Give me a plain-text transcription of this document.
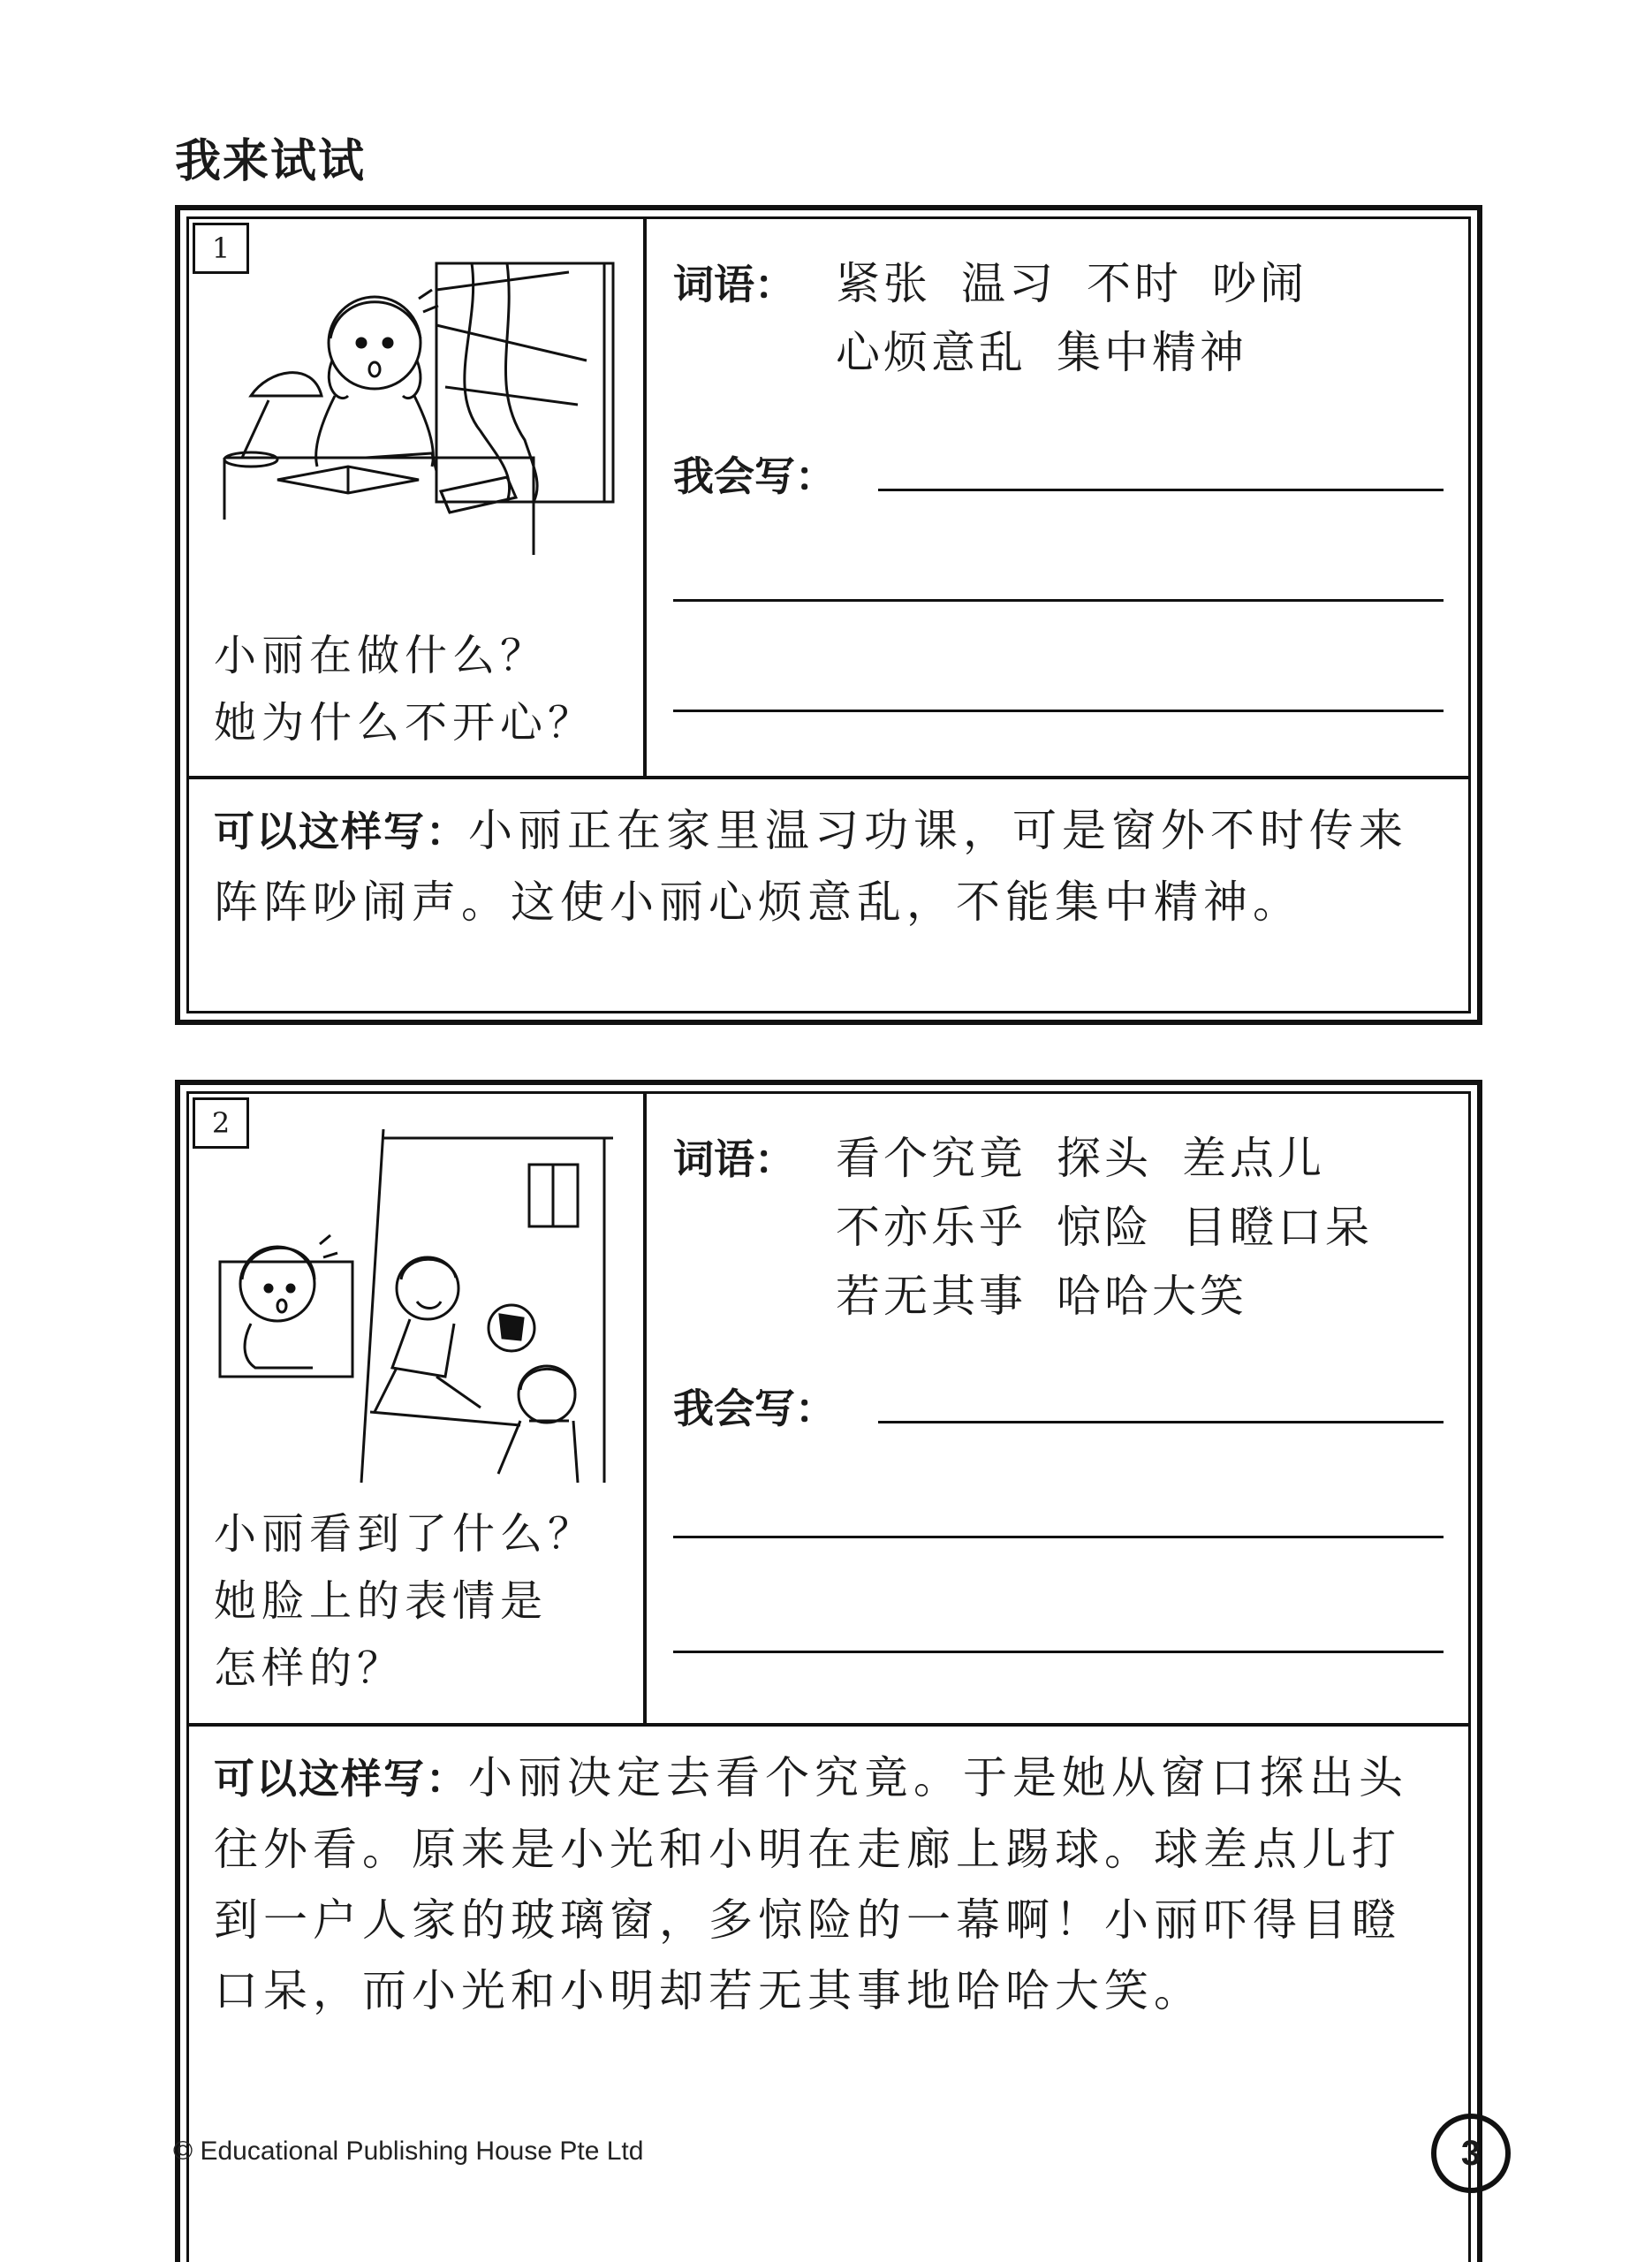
我来试试
1
小丽在做什么？
她为什么不开心？
词语： 紧张 温习 不时 吵闹
心烦意乱 集中精神
我会写：
可以这样写：小丽正在家里温习功课，可是窗外不时传来阵阵吵闹声。这使小丽心烦意乱，不能集中精神。
2
小丽看到了什么？
她脸上的表情是
怎样的？
词语： 看个究竟 探头 差点儿
不亦乐乎 惊险 目瞪口呆
若无其事 哈哈大笑
我会写：
可以这样写：小丽决定去看个究竟。于是她从窗口探出头往外看。原来是小光和小明在走廊上踢球。球差点儿打到一户人家的玻璃窗，多惊险的一幕啊！小丽吓得目瞪口呆，而小光和小明却若无其事地哈哈大笑。
© Educational Publishing House Pte Ltd	3
